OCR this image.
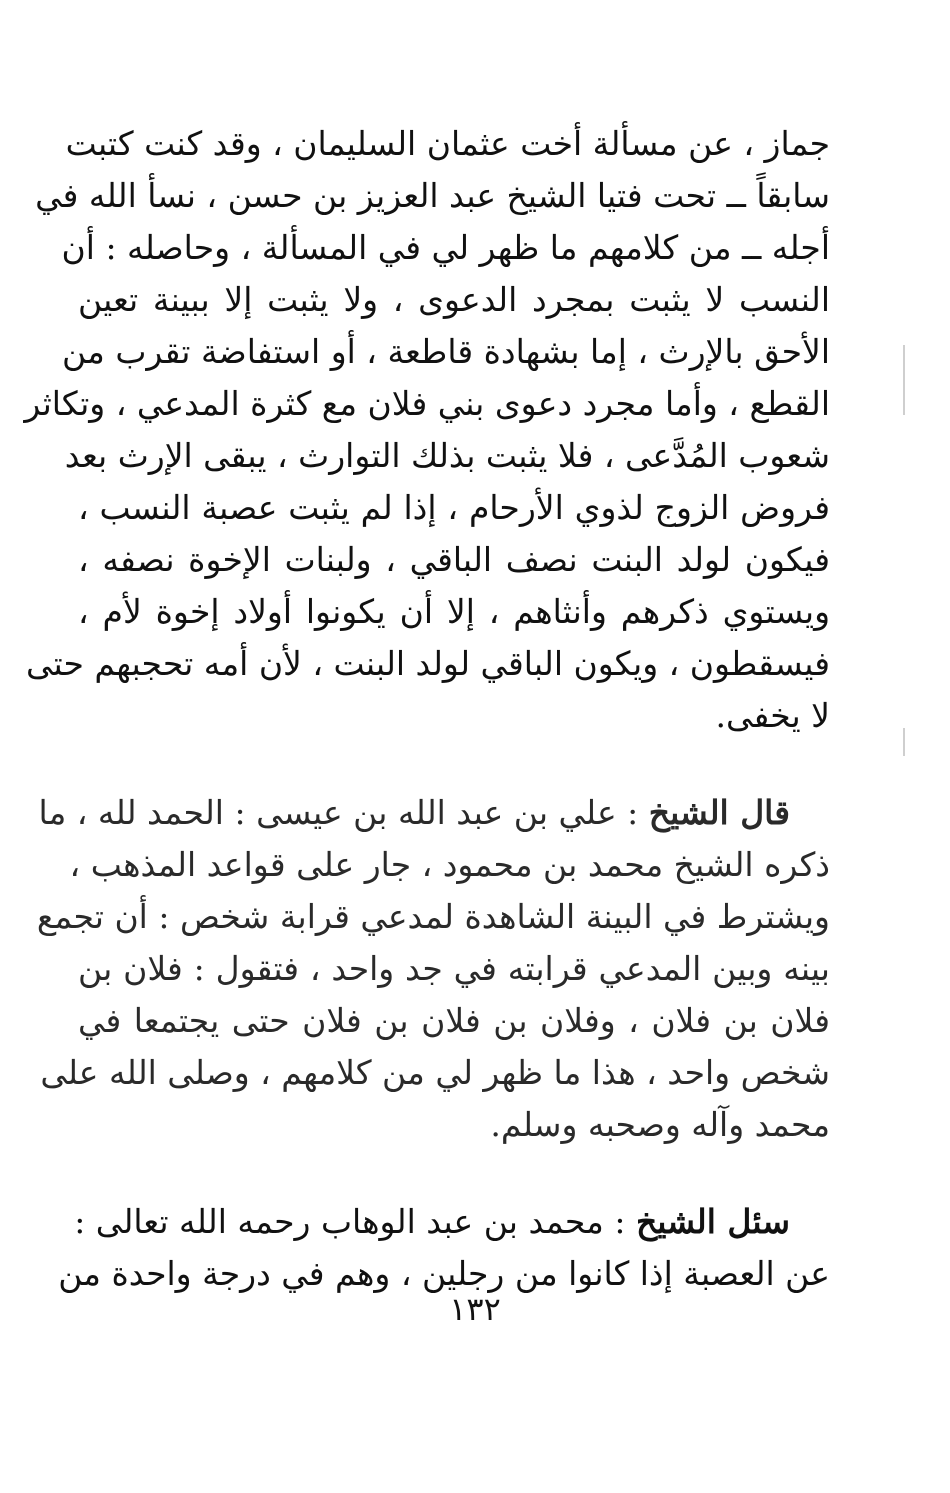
جماز ، عن مسألة أخت عثمان السليمان ، وقد كنت كتبت
سابقاً ــ تحت فتيا الشيخ عبد العزيز بن حسن ، نسأ الله في
أجله ــ من كلامهم ما ظهر لي في المسألة ، وحاصله : أن
النسب لا يثبت بمجرد الدعوى ، ولا يثبت إلا ببينة تعين
الأحق بالإرث ، إما بشهادة قاطعة ، أو استفاضة تقرب من
القطع ، وأما مجرد دعوى بني فلان مع كثرة المدعي ، وتكاثر
شعوب المُدَّعى ، فلا يثبت بذلك التوارث ، يبقى الإرث بعد
فروض الزوج لذوي الأرحام ، إذا لم يثبت عصبة النسب ،
فيكون لولد البنت نصف الباقي ، ولبنات الإخوة نصفه ،
ويستوي ذكرهم وأنثاهم ، إلا أن يكونوا أولاد إخوة لأم ،
فيسقطون ، ويكون الباقي لولد البنت ، لأن أمه تحجبهم حتى
لا يخفى.
قال الشيخ : علي بن عبد الله بن عيسى : الحمد لله ، ما
ذكره الشيخ محمد بن محمود ، جار على قواعد المذهب ،
ويشترط في البينة الشاهدة لمدعي قرابة شخص : أن تجمع
بينه وبين المدعي قرابته في جد واحد ، فتقول : فلان بن
فلان بن فلان ، وفلان بن فلان بن فلان حتى يجتمعا في
شخص واحد ، هذا ما ظهر لي من كلامهم ، وصلى الله على
محمد وآله وصحبه وسلم.
سئل الشيخ : محمد بن عبد الوهاب رحمه الله تعالى :
عن العصبة إذا كانوا من رجلين ، وهم في درجة واحدة من
١٣٢
